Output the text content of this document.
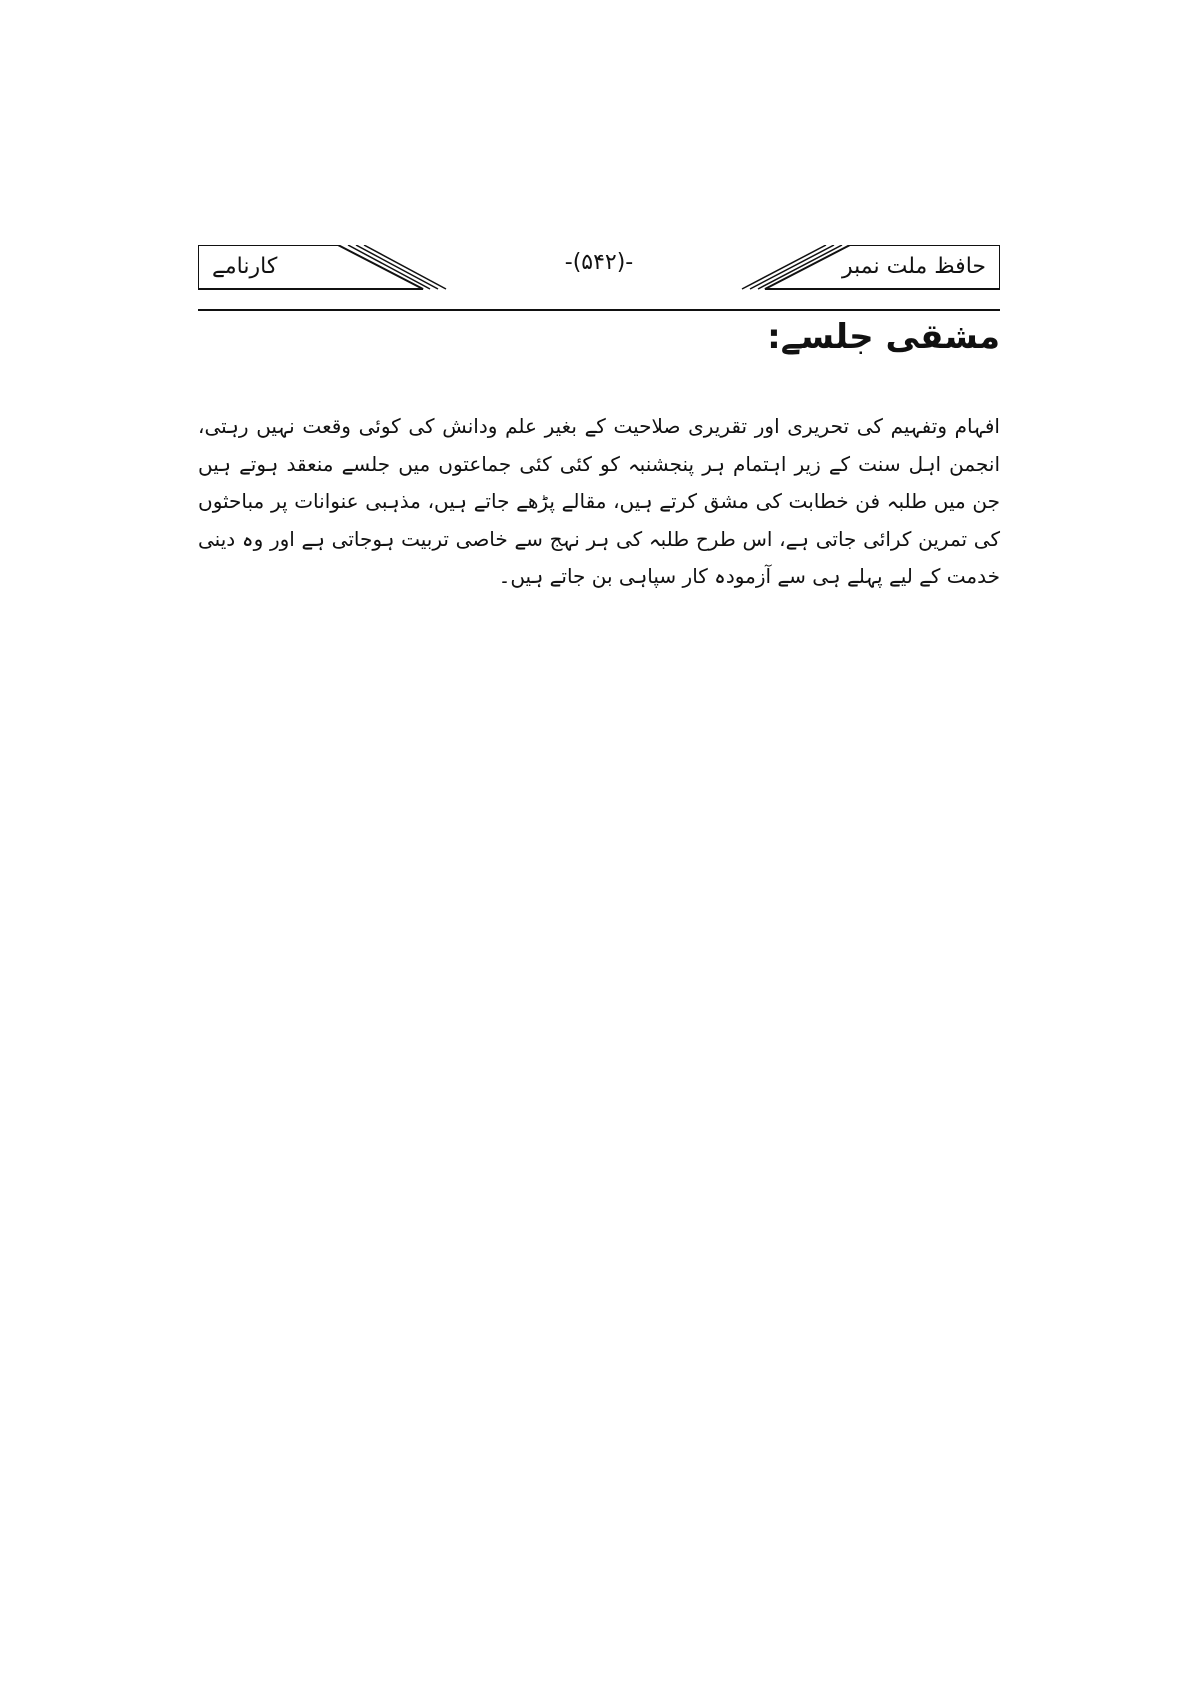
کارنامے	-(۵۴۲)-	حافظ ملت نمبر
مشقی جلسے:

افہام وتفہیم کی تحریری اور تقریری صلاحیت کے بغیر علم ودانش کی کوئی وقعت نہیں رہتی، انجمن اہل سنت کے زیر اہتمام ہر پنجشنبہ کو کئی کئی جماعتوں میں جلسے منعقد ہوتے ہیں جن میں طلبہ فن خطابت کی مشق کرتے ہیں، مقالے پڑھے جاتے ہیں، مذہبی عنوانات پر مباحثوں کی تمرین کرائی جاتی ہے، اس طرح طلبہ کی ہر نہج سے خاصی تربیت ہوجاتی ہے اور وہ دینی خدمت کے لیے پہلے ہی سے آزمودہ کار سپاہی بن جاتے ہیں۔
